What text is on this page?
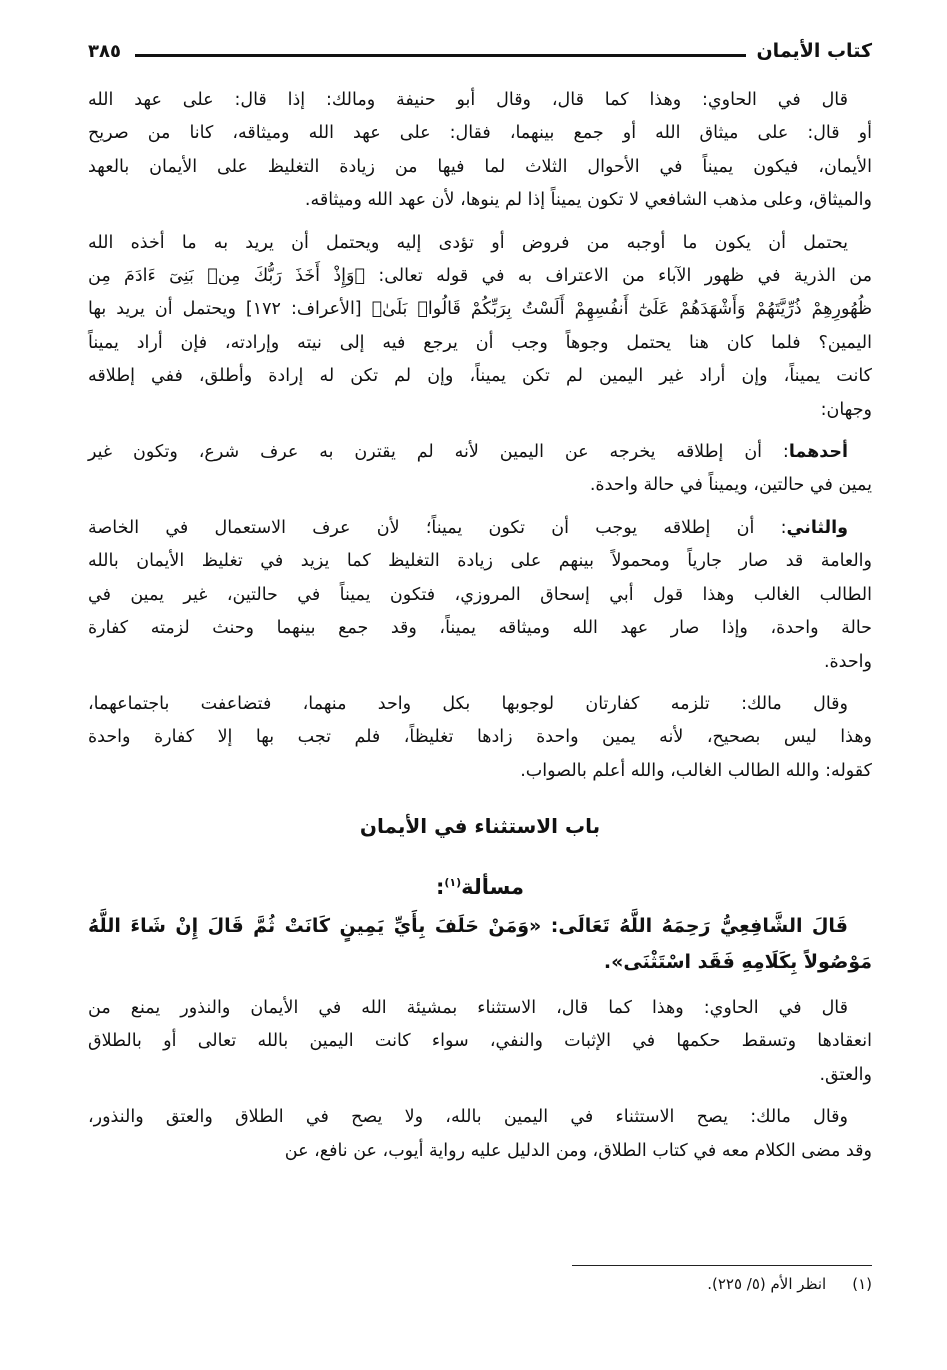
كتاب الأيمان
٣٨٥
قال في الحاوي: وهذا كما قال، وقال أبو حنيفة ومالك: إذا قال: على عهد الله
أو قال: على ميثاق الله أو جمع بينهما، فقال: على عهد الله وميثاقه، كانا من صريح
الأيمان، فيكون يميناً في الأحوال الثلاث لما فيها من زيادة التغليظ على الأيمان بالعهد
والميثاق، وعلى مذهب الشافعي لا تكون يميناً إذا لم ينوها، لأن عهد الله وميثاقه.
يحتمل أن يكون ما أوجبه من فروض أو تؤدى إليه ويحتمل أن يريد به ما أخذه الله
من الذرية في ظهور الآباء من الاعتراف به في قوله تعالى: ﴿وَإِذْ أَخَذَ رَبُّكَ مِنۢ بَنِىٓ ءَادَمَ مِن
ظُهُورِهِمْ ذُرِّيَّتَهُمْ وَأَشْهَدَهُمْ عَلَىٰٓ أَنفُسِهِمْ أَلَسْتُ بِرَبِّكُمْ قَالُوا۟ بَلَىٰ﴾ [الأعراف: ١٧٢] ويحتمل أن يريد بها
اليمين؟ فلما كان هنا يحتمل وجوهاً وجب أن يرجع فيه إلى نيته وإرادته، فإن أراد يميناً
كانت يميناً، وإن أراد غير اليمين لم تكن يميناً، وإن لم تكن له إرادة وأطلق، ففي إطلاقه
وجهان:
أحدهما: أن إطلاقه يخرجه عن اليمين لأنه لم يقترن به عرف شرع، وتكون غير
يمين في حالتين، ويميناً في حالة واحدة.
والثاني: أن إطلاقه يوجب أن تكون يميناً؛ لأن عرف الاستعمال في الخاصة
والعامة قد صار جارياً ومحمولاً بينهم على زيادة التغليظ كما يزيد في تغليظ الأيمان بالله
الطالب الغالب وهذا قول أبي إسحاق المروزي، فتكون يميناً في حالتين، غير يمين في
حالة واحدة، وإذا صار عهد الله وميثاقه يميناً، وقد جمع بينهما وحنث لزمته كفارة
واحدة.
وقال مالك: تلزمه كفارتان لوجوبها بكل واحد منهما، فتضاعفت باجتماعهما،
وهذا ليس بصحيح، لأنه يمين واحدة زادها تغليظاً، فلم تجب بها إلا كفارة واحدة
كقوله: والله الطالب الغالب، والله أعلم بالصواب.
باب الاستثناء في الأيمان
مسألة$^{(١)}$:
قَالَ الشَّافِعِيُّ رَحِمَهُ اللَّهُ تَعَالَى: «وَمَنْ حَلَفَ بِأَيِّ يَمِينٍ كَانَتْ ثُمَّ قَالَ إِنْ شَاءَ اللَّهُ
مَوْصُولاً بِكَلَامِهِ فَقَد اسْتَثْنَى».
قال في الحاوي: وهذا كما قال، الاستثناء بمشيئة الله في الأيمان والنذور يمنع من
انعقادها وتسقط حكمها في الإثبات والنفي، سواء كانت اليمين بالله تعالى أو بالطلاق
والعتق.
وقال مالك: يصح الاستثناء في اليمين بالله، ولا يصح في الطلاق والعتق والنذور،
وقد مضى الكلام معه في كتاب الطلاق، ومن الدليل عليه رواية أيوب، عن نافع، عن
(١)انظر الأم (٥/ ٢٢٥).
